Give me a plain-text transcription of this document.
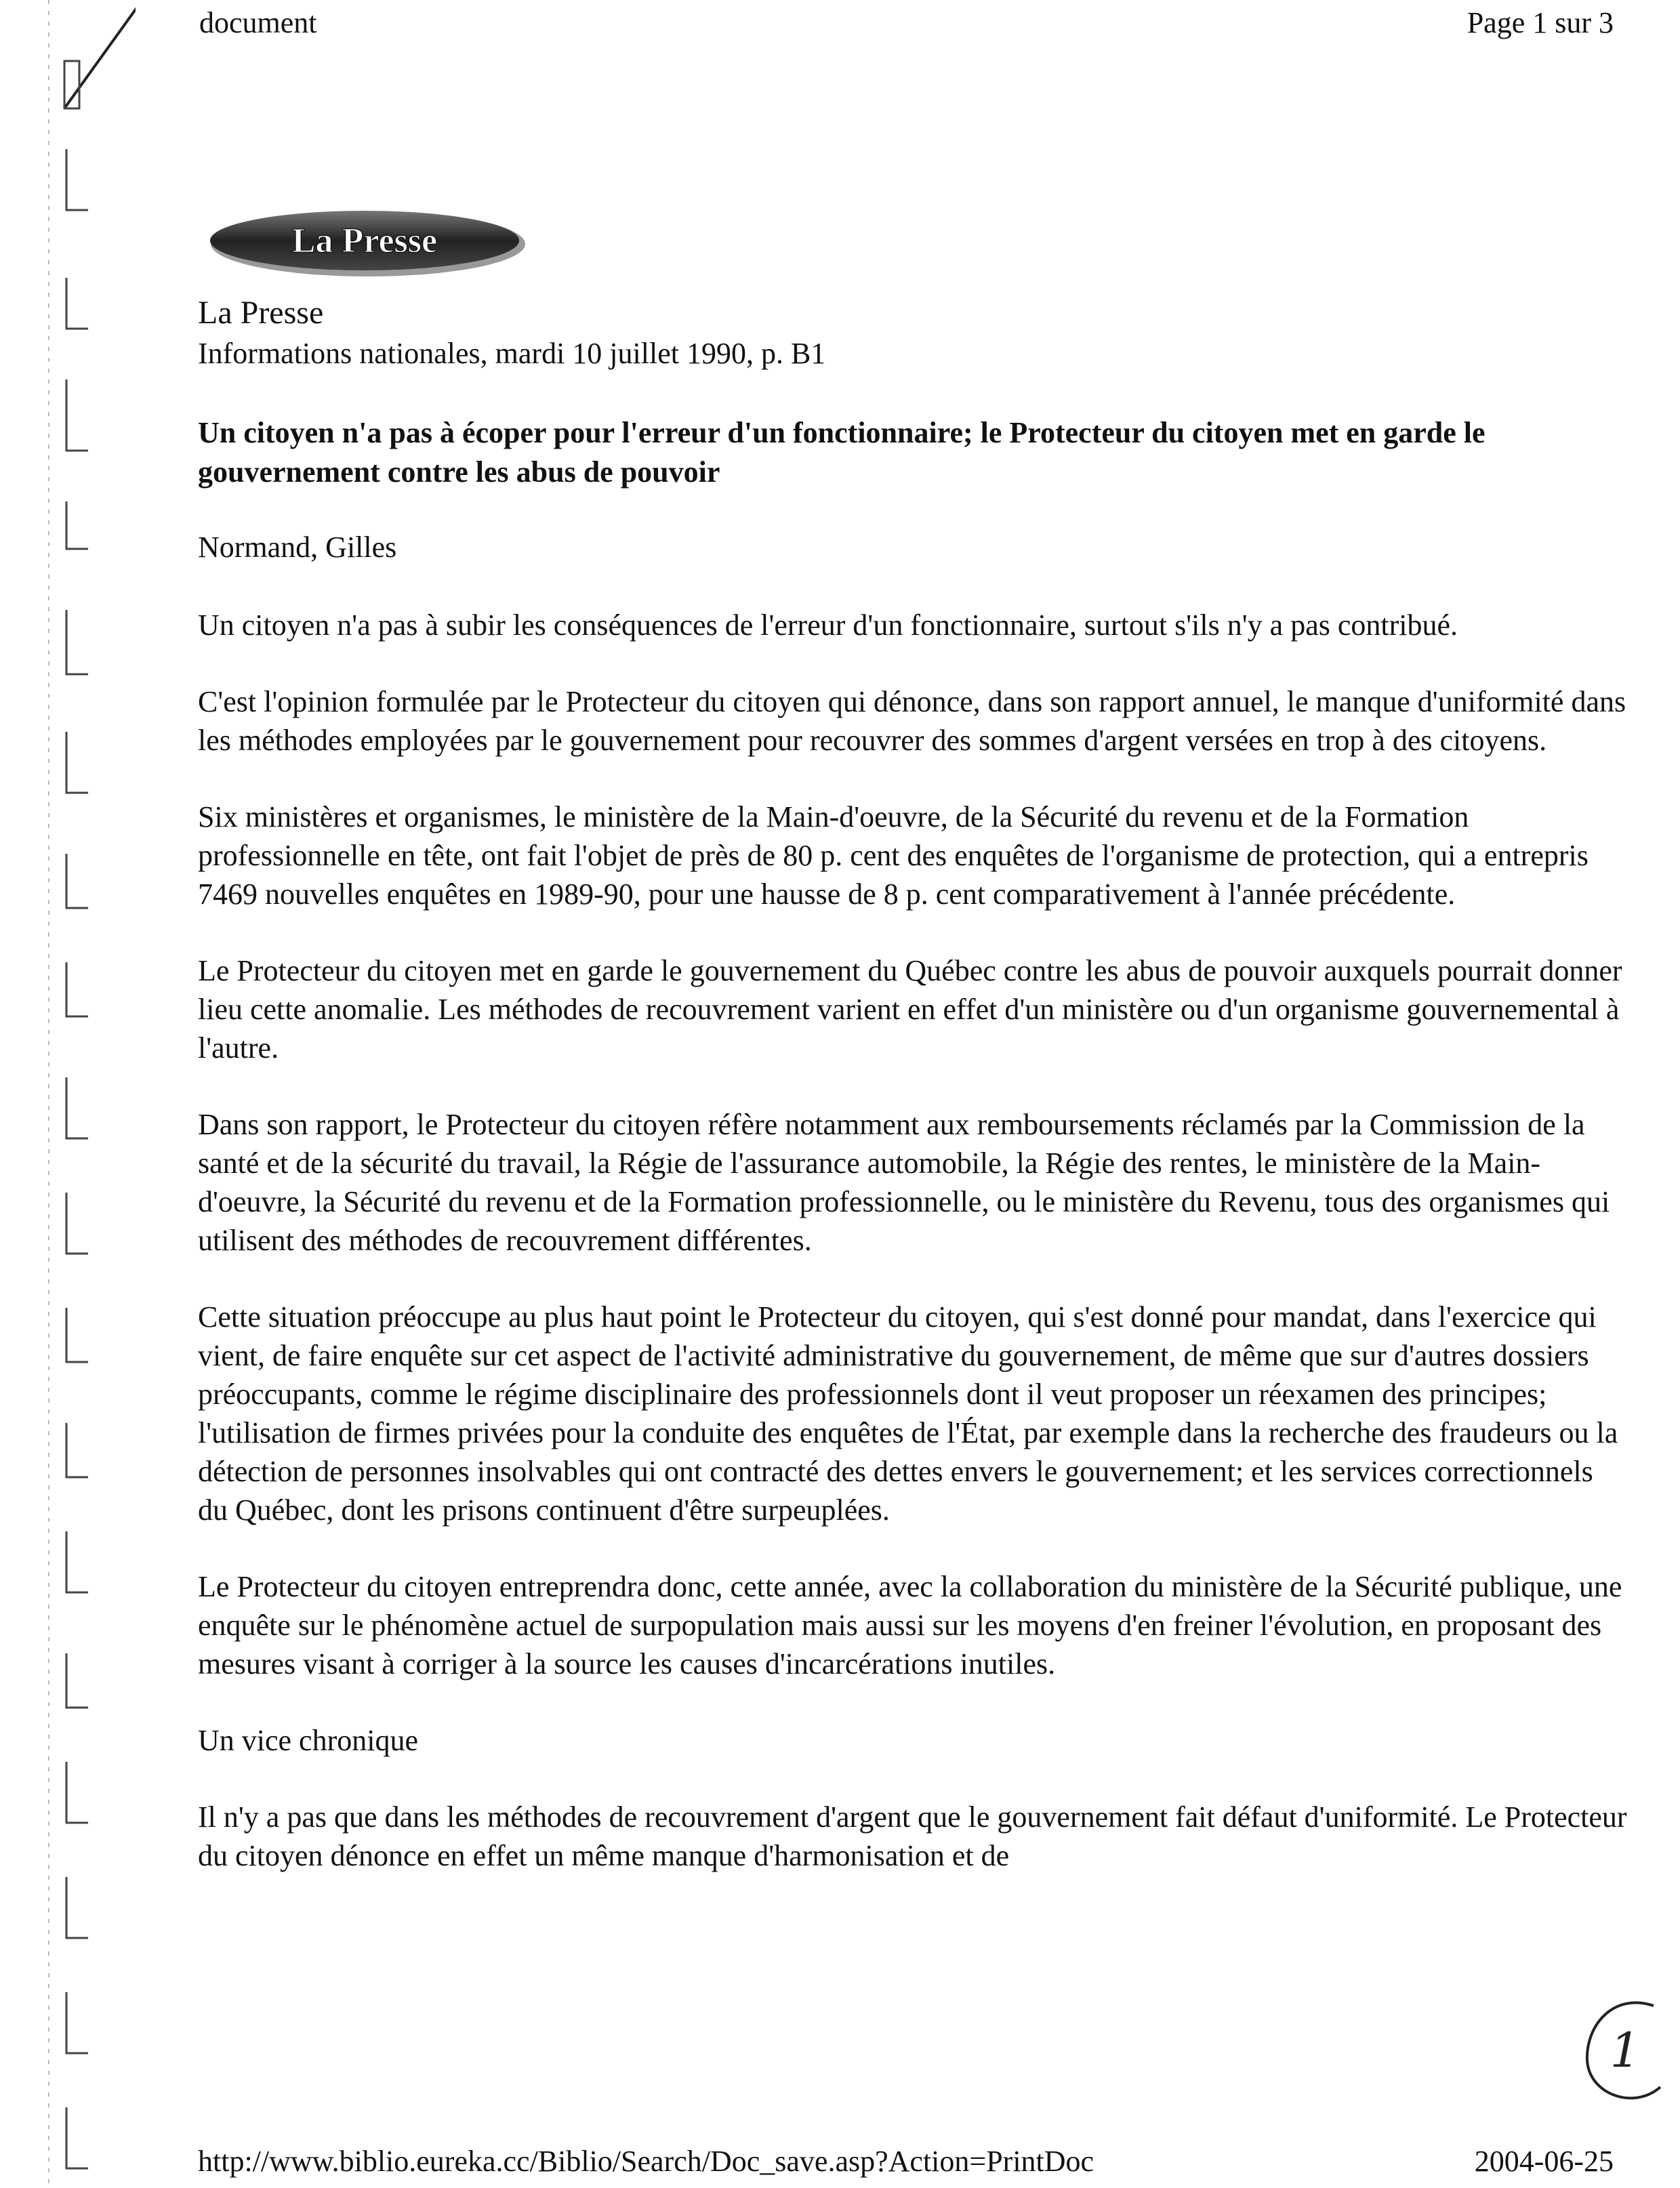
document	Page 1 sur 3
La Presse
La Presse
Informations nationales, mardi 10 juillet 1990, p. B1
Un citoyen n'a pas à écoper pour l'erreur d'un fonctionnaire; le Protecteur du citoyen met en garde le gouvernement contre les abus de pouvoir
Normand, Gilles

Un citoyen n'a pas à subir les conséquences de l'erreur d'un fonctionnaire, surtout s'ils n'y a pas contribué.

C'est l'opinion formulée par le Protecteur du citoyen qui dénonce, dans son rapport annuel, le manque d'uniformité dans les méthodes employées par le gouvernement pour recouvrer des sommes d'argent versées en trop à des citoyens.

Six ministères et organismes, le ministère de la Main-d'oeuvre, de la Sécurité du revenu et de la Formation professionnelle en tête, ont fait l'objet de près de 80 p. cent des enquêtes de l'organisme de protection, qui a entrepris 7469 nouvelles enquêtes en 1989-90, pour une hausse de 8 p. cent comparativement à l'année précédente.

Le Protecteur du citoyen met en garde le gouvernement du Québec contre les abus de pouvoir auxquels pourrait donner lieu cette anomalie. Les méthodes de recouvrement varient en effet d'un ministère ou d'un organisme gouvernemental à l'autre.

Dans son rapport, le Protecteur du citoyen réfère notamment aux remboursements réclamés par la Commission de la santé et de la sécurité du travail, la Régie de l'assurance automobile, la Régie des rentes, le ministère de la Main-d'oeuvre, la Sécurité du revenu et de la Formation professionnelle, ou le ministère du Revenu, tous des organismes qui utilisent des méthodes de recouvrement différentes.

Cette situation préoccupe au plus haut point le Protecteur du citoyen, qui s'est donné pour mandat, dans l'exercice qui vient, de faire enquête sur cet aspect de l'activité administrative du gouvernement, de même que sur d'autres dossiers préoccupants, comme le régime disciplinaire des professionnels dont il veut proposer un réexamen des principes; l'utilisation de firmes privées pour la conduite des enquêtes de l'État, par exemple dans la recherche des fraudeurs ou la détection de personnes insolvables qui ont contracté des dettes envers le gouvernement; et les services correctionnels du Québec, dont les prisons continuent d'être surpeuplées.

Le Protecteur du citoyen entreprendra donc, cette année, avec la collaboration du ministère de la Sécurité publique, une enquête sur le phénomène actuel de surpopulation mais aussi sur les moyens d'en freiner l'évolution, en proposant des mesures visant à corriger à la source les causes d'incarcérations inutiles.

Un vice chronique

Il n'y a pas que dans les méthodes de recouvrement d'argent que le gouvernement fait défaut d'uniformité. Le Protecteur du citoyen dénonce en effet un même manque d'harmonisation et de

1
http://www.biblio.eureka.cc/Biblio/Search/Doc_save.asp?Action=PrintDoc	2004-06-25
